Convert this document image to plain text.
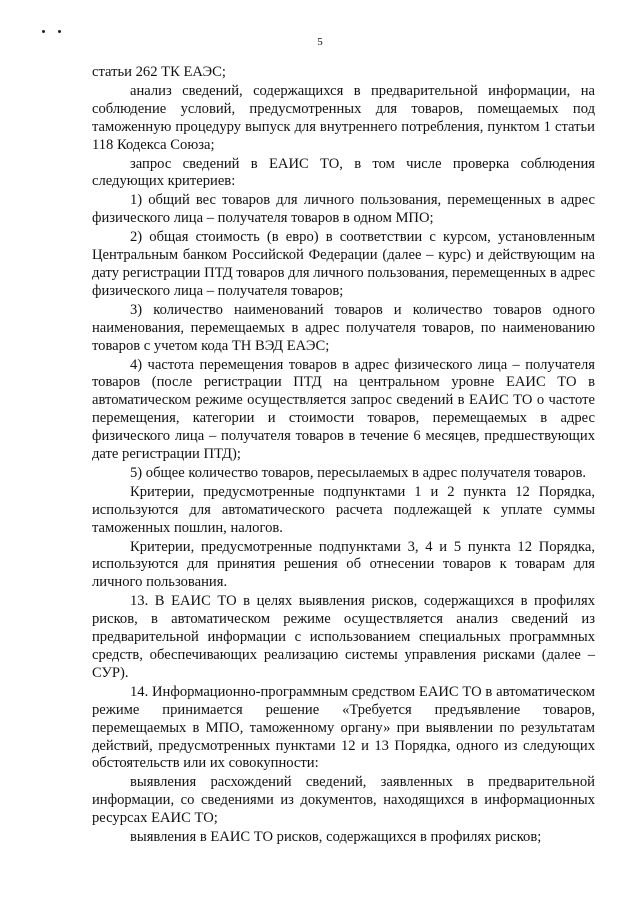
5

статьи 262 ТК ЕАЭС;

анализ сведений, содержащихся в предварительной информации, на соблюдение условий, предусмотренных для товаров, помещаемых под таможенную процедуру выпуск для внутреннего потребления, пунктом 1 статьи 118 Кодекса Союза;

запрос сведений в ЕАИС ТО, в том числе проверка соблюдения следующих критериев:

1) общий вес товаров для личного пользования, перемещенных в адрес физического лица – получателя товаров в одном МПО;

2) общая стоимость (в евро) в соответствии с курсом, установленным Центральным банком Российской Федерации (далее – курс) и действующим на дату регистрации ПТД товаров для личного пользования, перемещенных в адрес физического лица – получателя товаров;

3) количество наименований товаров и количество товаров одного наименования, перемещаемых в адрес получателя товаров, по наименованию товаров с учетом кода ТН ВЭД ЕАЭС;

4) частота перемещения товаров в адрес физического лица – получателя товаров (после регистрации ПТД на центральном уровне ЕАИС ТО в автоматическом режиме осуществляется запрос сведений в ЕАИС ТО о частоте перемещения, категории и стоимости товаров, перемещаемых в адрес физического лица – получателя товаров в течение 6 месяцев, предшествующих дате регистрации ПТД);

5) общее количество товаров, пересылаемых в адрес получателя товаров.

Критерии, предусмотренные подпунктами 1 и 2 пункта 12 Порядка, используются для автоматического расчета подлежащей к уплате суммы таможенных пошлин, налогов.

Критерии, предусмотренные подпунктами 3, 4 и 5 пункта 12 Порядка, используются для принятия решения об отнесении товаров к товарам для личного пользования.

13. В ЕАИС ТО в целях выявления рисков, содержащихся в профилях рисков, в автоматическом режиме осуществляется анализ сведений из предварительной информации с использованием специальных программных средств, обеспечивающих реализацию системы управления рисками (далее – СУР).

14. Информационно-программным средством ЕАИС ТО в автоматическом режиме принимается решение «Требуется предъявление товаров, перемещаемых в МПО, таможенному органу» при выявлении по результатам действий, предусмотренных пунктами 12 и 13 Порядка, одного из следующих обстоятельств или их совокупности:

выявления расхождений сведений, заявленных в предварительной информации, со сведениями из документов, находящихся в информационных ресурсах ЕАИС ТО;

выявления в ЕАИС ТО рисков, содержащихся в профилях рисков;
